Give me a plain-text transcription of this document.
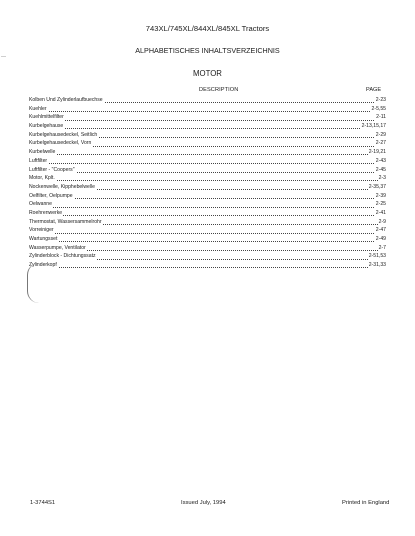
743XL/745XL/844XL/845XL Tractors
ALPHABETISCHES INHALTSVERZEICHNIS
MOTOR
DESCRIPTION	PAGE
Kolben Und Zylinderlaufbuechse	2-23
Kuehler	2-5,55
Kuehlmittelfilter	2-11
Kurbelgehause	2-13,15,17
Kurbelgehausedeckel, Seitlich	2-29
Kurbelgehausedeckel, Vorn	2-27
Kurbelwelle	2-19,21
Luftfilter	2-43
Luftfilter - "Coopers"	2-45
Motor, Kplt.	2-3
Nockenwelle, Kipphebelwelle	2-35,37
Oelfilter, Oelpumpe	2-39
Oelwanne	2-25
Roehrenwerke	2-41
Thermostat, Wassersammelrohr	2-9
Vorreiniger	2-47
Wartungsset	2-49
Wasserpumpe, Ventilator	2-7
Zylinderblock - Dichtungssatz	2-51,53
Zylinderkopf	2-31,33
1-3744S1	Issued July, 1994	Printed in England
